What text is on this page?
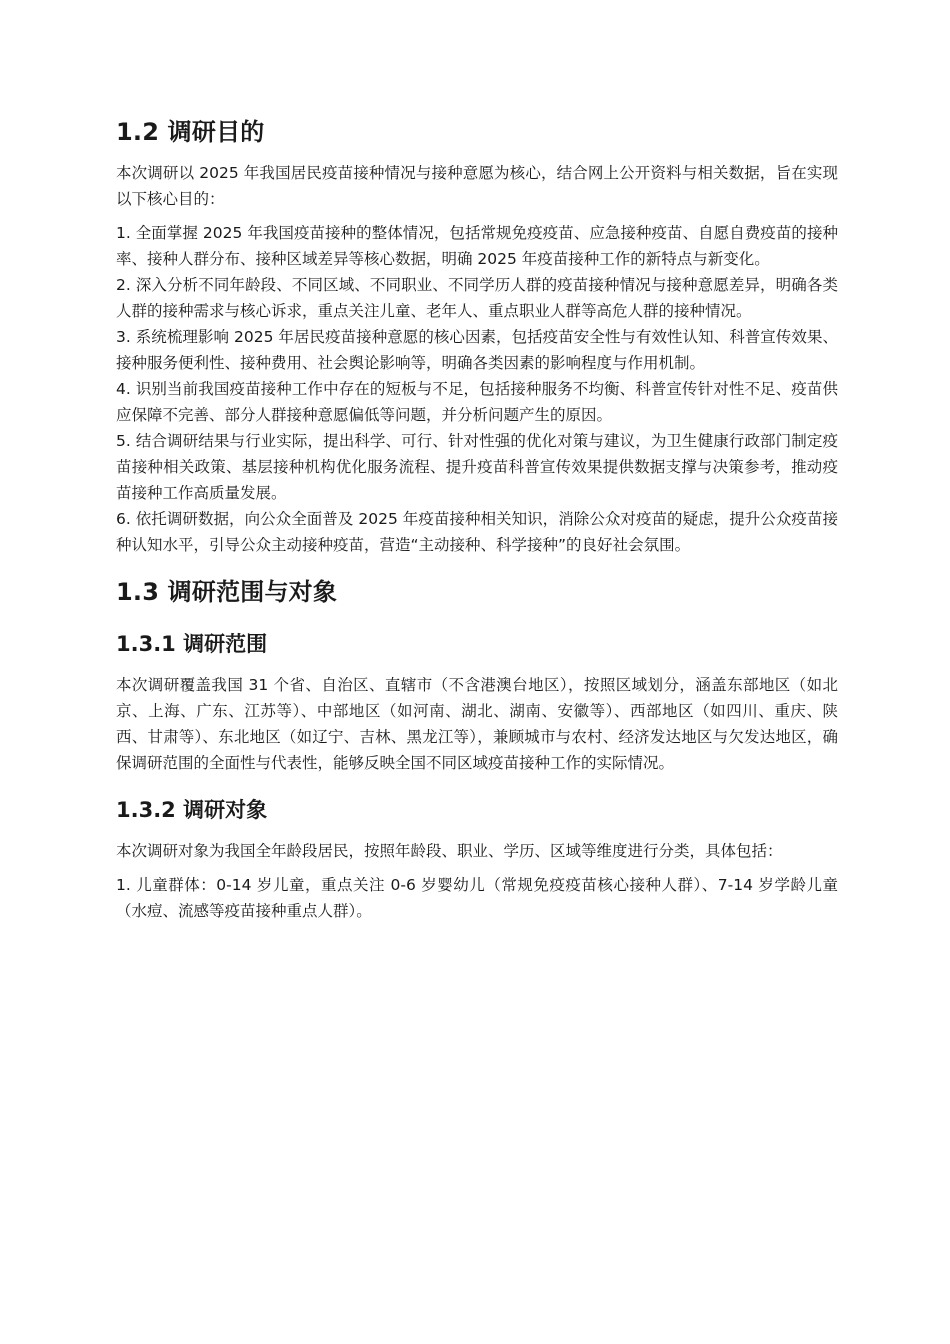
1.2 调研目的

本次调研以 2025 年我国居民疫苗接种情况与接种意愿为核心，结合网上公开资料与相关数据，旨在实现以下核心目的：

1. 全面掌握 2025 年我国疫苗接种的整体情况，包括常规免疫疫苗、应急接种疫苗、自愿自费疫苗的接种率、接种人群分布、接种区域差异等核心数据，明确 2025 年疫苗接种工作的新特点与新变化。

2. 深入分析不同年龄段、不同区域、不同职业、不同学历人群的疫苗接种情况与接种意愿差异，明确各类人群的接种需求与核心诉求，重点关注儿童、老年人、重点职业人群等高危人群的接种情况。

3. 系统梳理影响 2025 年居民疫苗接种意愿的核心因素，包括疫苗安全性与有效性认知、科普宣传效果、接种服务便利性、接种费用、社会舆论影响等，明确各类因素的影响程度与作用机制。

4. 识别当前我国疫苗接种工作中存在的短板与不足，包括接种服务不均衡、科普宣传针对性不足、疫苗供应保障不完善、部分人群接种意愿偏低等问题，并分析问题产生的原因。

5. 结合调研结果与行业实际，提出科学、可行、针对性强的优化对策与建议，为卫生健康行政部门制定疫苗接种相关政策、基层接种机构优化服务流程、提升疫苗科普宣传效果提供数据支撑与决策参考，推动疫苗接种工作高质量发展。

6. 依托调研数据，向公众全面普及 2025 年疫苗接种相关知识，消除公众对疫苗的疑虑，提升公众疫苗接种认知水平，引导公众主动接种疫苗，营造“主动接种、科学接种”的良好社会氛围。

1.3 调研范围与对象
1.3.1 调研范围

本次调研覆盖我国 31 个省、自治区、直辖市（不含港澳台地区），按照区域划分，涵盖东部地区（如北京、上海、广东、江苏等）、中部地区（如河南、湖北、湖南、安徽等）、西部地区（如四川、重庆、陕西、甘肃等）、东北地区（如辽宁、吉林、黑龙江等），兼顾城市与农村、经济发达地区与欠发达地区，确保调研范围的全面性与代表性，能够反映全国不同区域疫苗接种工作的实际情况。

1.3.2 调研对象

本次调研对象为我国全年龄段居民，按照年龄段、职业、学历、区域等维度进行分类，具体包括：

1. 儿童群体：0-14 岁儿童，重点关注 0-6 岁婴幼儿（常规免疫疫苗核心接种人群）、7-14 岁学龄儿童（水痘、流感等疫苗接种重点人群）。
